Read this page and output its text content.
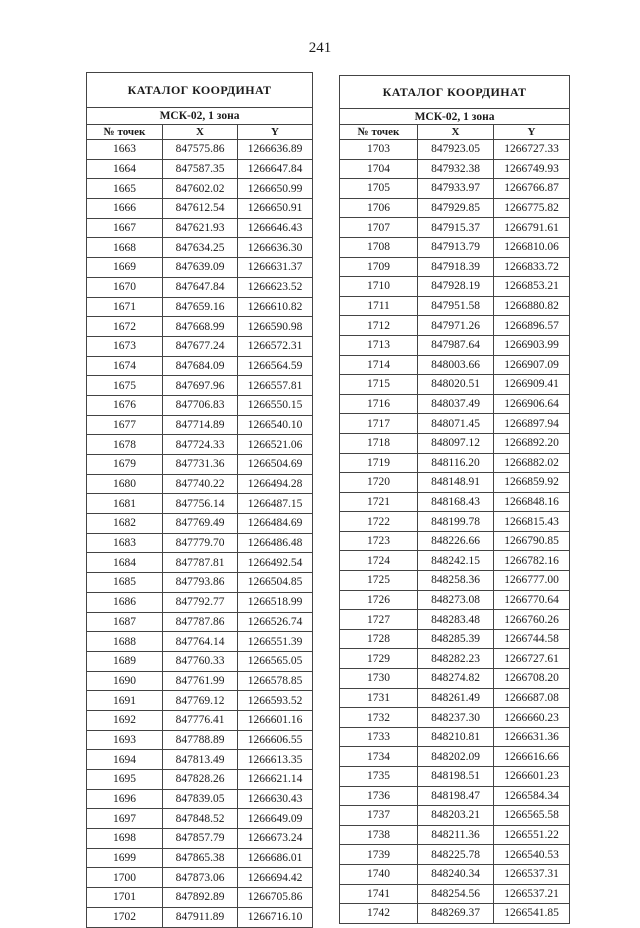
241
КАТАЛОГ КООРДИНАТ		
МСК-02, 1 зона		
№ точек	X	Y
1663	847575.86	1266636.89
1664	847587.35	1266647.84
1665	847602.02	1266650.99
1666	847612.54	1266650.91
1667	847621.93	1266646.43
1668	847634.25	1266636.30
1669	847639.09	1266631.37
1670	847647.84	1266623.52
1671	847659.16	1266610.82
1672	847668.99	1266590.98
1673	847677.24	1266572.31
1674	847684.09	1266564.59
1675	847697.96	1266557.81
1676	847706.83	1266550.15
1677	847714.89	1266540.10
1678	847724.33	1266521.06
1679	847731.36	1266504.69
1680	847740.22	1266494.28
1681	847756.14	1266487.15
1682	847769.49	1266484.69
1683	847779.70	1266486.48
1684	847787.81	1266492.54
1685	847793.86	1266504.85
1686	847792.77	1266518.99
1687	847787.86	1266526.74
1688	847764.14	1266551.39
1689	847760.33	1266565.05
1690	847761.99	1266578.85
1691	847769.12	1266593.52
1692	847776.41	1266601.16
1693	847788.89	1266606.55
1694	847813.49	1266613.35
1695	847828.26	1266621.14
1696	847839.05	1266630.43
1697	847848.52	1266649.09
1698	847857.79	1266673.24
1699	847865.38	1266686.01
1700	847873.06	1266694.42
1701	847892.89	1266705.86
1702	847911.89	1266716.10
КАТАЛОГ КООРДИНАТ		
МСК-02, 1 зона		
№ точек	X	Y
1703	847923.05	1266727.33
1704	847932.38	1266749.93
1705	847933.97	1266766.87
1706	847929.85	1266775.82
1707	847915.37	1266791.61
1708	847913.79	1266810.06
1709	847918.39	1266833.72
1710	847928.19	1266853.21
1711	847951.58	1266880.82
1712	847971.26	1266896.57
1713	847987.64	1266903.99
1714	848003.66	1266907.09
1715	848020.51	1266909.41
1716	848037.49	1266906.64
1717	848071.45	1266897.94
1718	848097.12	1266892.20
1719	848116.20	1266882.02
1720	848148.91	1266859.92
1721	848168.43	1266848.16
1722	848199.78	1266815.43
1723	848226.66	1266790.85
1724	848242.15	1266782.16
1725	848258.36	1266777.00
1726	848273.08	1266770.64
1727	848283.48	1266760.26
1728	848285.39	1266744.58
1729	848282.23	1266727.61
1730	848274.82	1266708.20
1731	848261.49	1266687.08
1732	848237.30	1266660.23
1733	848210.81	1266631.36
1734	848202.09	1266616.66
1735	848198.51	1266601.23
1736	848198.47	1266584.34
1737	848203.21	1266565.58
1738	848211.36	1266551.22
1739	848225.78	1266540.53
1740	848240.34	1266537.31
1741	848254.56	1266537.21
1742	848269.37	1266541.85
